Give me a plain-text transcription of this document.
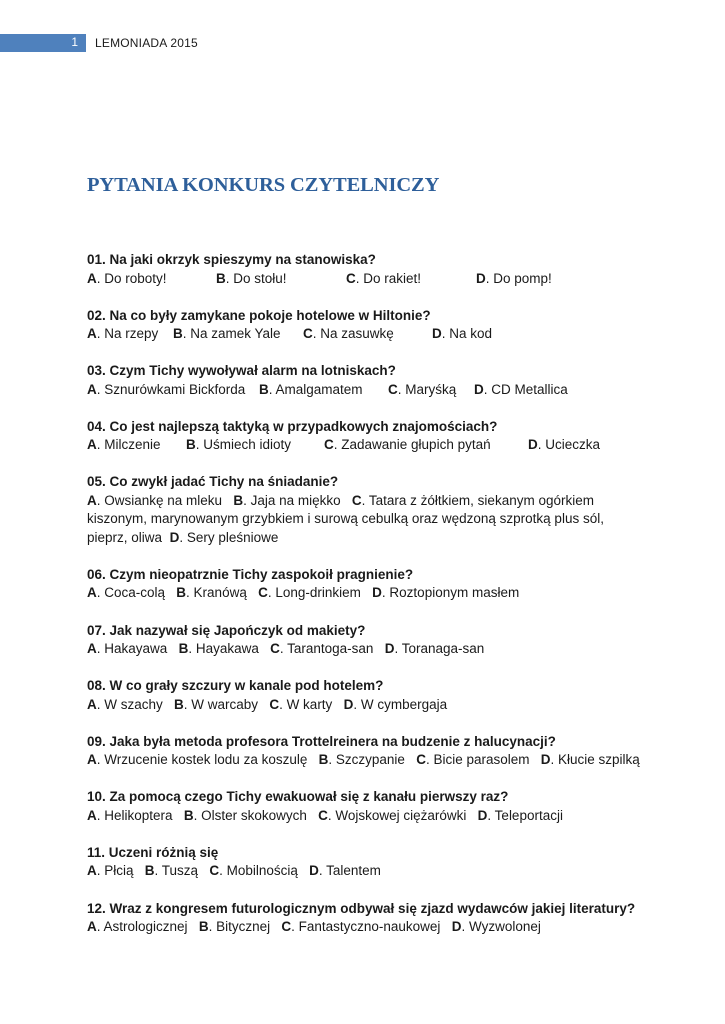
1 LEMONIADA 2015
PYTANIA KONKURS CZYTELNICZY
01. Na jaki okrzyk spieszymy na stanowiska?
A. Do roboty!	B. Do stołu!	C. Do rakiet!	D. Do pomp!
02. Na co były zamykane pokoje hotelowe w Hiltonie?
A. Na rzepy B. Na zamek Yale C. Na zasuwkę	D. Na kod
03. Czym Tichy wywoływał alarm na lotniskach?
A. Sznurówkami Bickforda B. Amalgamatem C. Maryśką D. CD Metallica
04. Co jest najlepszą taktyką w przypadkowych znajomościach?
A. Milczenie B. Uśmiech idioty C. Zadawanie głupich pytań	D. Ucieczka
05. Co zwykł jadać Tichy na śniadanie?
A. Owsiankę na mleku B. Jaja na miękko C. Tatara z żółtkiem, siekanym ogórkiem kiszonym, marynowanym grzybkiem i surową cebulką oraz wędzoną szprotką plus sól, pieprz, oliwa D. Sery pleśniowe
06. Czym nieopatrznie Tichy zaspokoił pragnienie?
A. Coca-colą B. Kranówą C. Long-drinkiem D. Roztopionym masłem
07. Jak nazywał się Japończyk od makiety?
A. Hakayawa B. Hayakawa C. Tarantoga-san D. Toranaga-san
08. W co grały szczury w kanale pod hotelem?
A. W szachy B. W warcaby C. W karty D. W cymbergaja
09. Jaka była metoda profesora Trottelreinera na budzenie z halucynacji?
A. Wrzucenie kostek lodu za koszulę B. Szczypanie C. Bicie parasolem D. Kłucie szpilką
10. Za pomocą czego Tichy ewakuował się z kanału pierwszy raz?
A. Helikoptera B. Olster skokowych C. Wojskowej ciężarówki D. Teleportacji
11. Uczeni różnią się
A. Płcią B. Tuszą C. Mobilnością D. Talentem
12. Wraz z kongresem futurologicznym odbywał się zjazd wydawców jakiej literatury?
A. Astrologicznej B. Bitycznej C. Fantastyczno-naukowej D. Wyzwolonej
